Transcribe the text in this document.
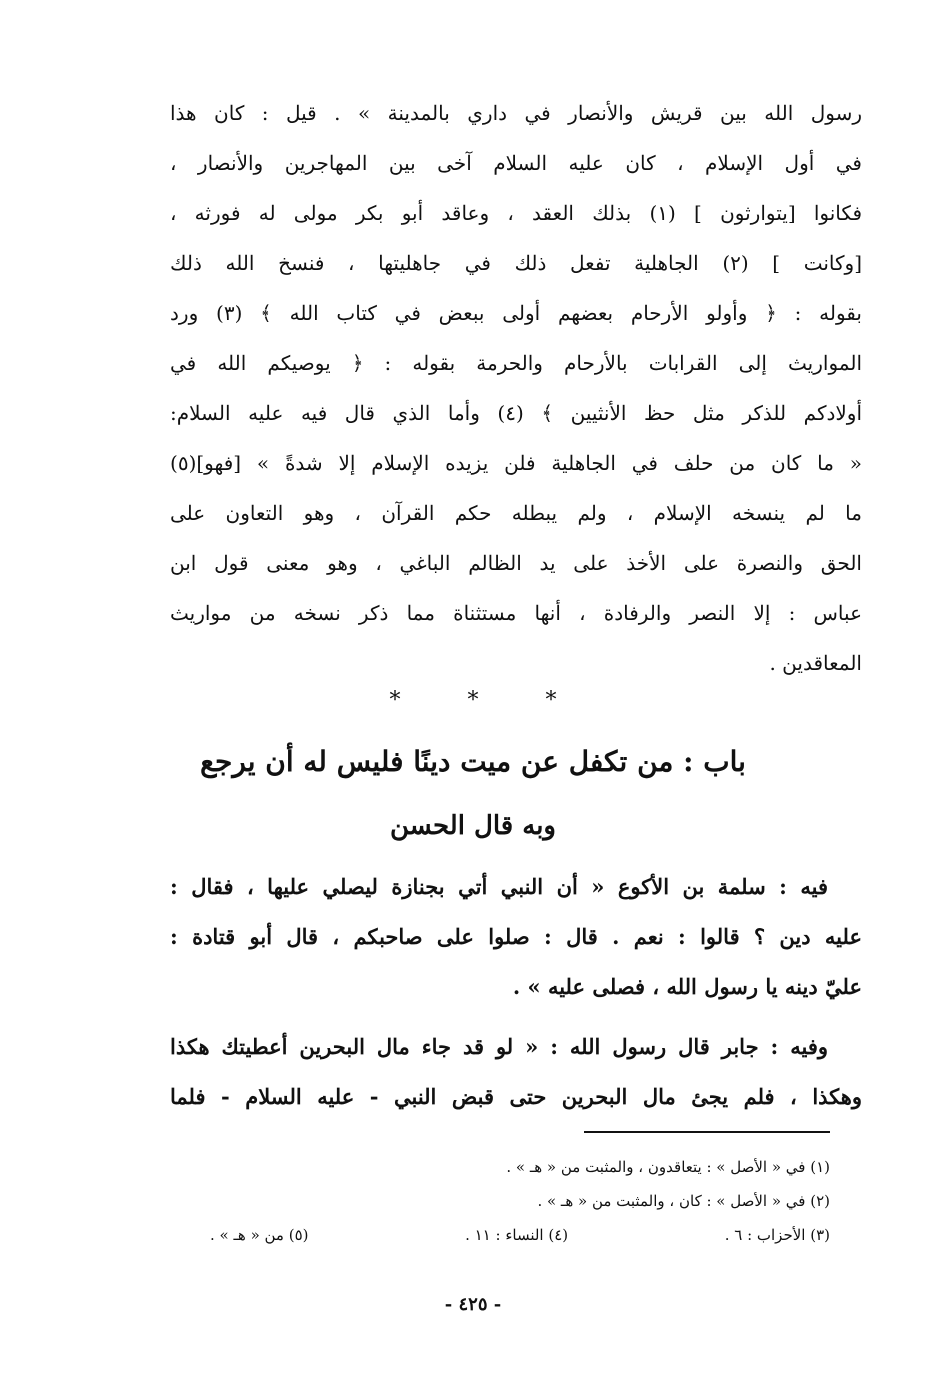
رسول الله بين قريش والأنصار في داري بالمدينة » . قيل : كان هذا
في أول الإسلام ، كان عليه السلام آخى بين المهاجرين والأنصار ،
فكانوا [يتوارثون ] (١) بذلك العقد ، وعاقد أبو بكر مولى له فورثه ،
[وكانت ] (٢) الجاهلية تفعل ذلك في جاهليتها ، فنسخ الله ذلك
بقوله : ﴿ وأولو الأرحام بعضهم أولى ببعض في كتاب الله ﴾ (٣) ورد
المواريث إلى القرابات بالأرحام والحرمة بقوله : ﴿ يوصيكم الله في
أولادكم للذكر مثل حظ الأنثيين ﴾ (٤) وأما الذي قال فيه عليه السلام:
« ما كان من حلف في الجاهلية فلن يزيده الإسلام إلا شدةً » [فهو](٥)
ما لم ينسخه الإسلام ، ولم يبطله حكم القرآن ، وهو التعاون على
الحق والنصرة على الأخذ على يد الظالم الباغي ، وهو معنى قول ابن
عباس : إلا النصر والرفادة ، أنها مستثناة مما ذكر نسخه من مواريث
المعاقدين .
* * *
باب : من تكفل عن ميت دينًا فليس له أن يرجع
وبه قال الحسن
فيه : سلمة بن الأكوع « أن النبي أتي بجنازة ليصلي عليها ، فقال :
عليه دين ؟ قالوا : نعم . قال : صلوا على صاحبكم ، قال أبو قتادة :
عليّ دينه يا رسول الله ، فصلى عليه » .
وفيه : جابر قال رسول الله : « لو قد جاء مال البحرين أعطيتك هكذا
وهكذا ، فلم يجئ مال البحرين حتى قبض النبي - عليه السلام - فلما
(١) في « الأصل » : يتعاقدون ، والمثبت من « هـ » .
(٢) في « الأصل » : كان ، والمثبت من « هـ » .
(٣) الأحزاب : ٦ .
(٤) النساء : ١١ .
(٥) من « هـ » .
- ٤٢٥ -
